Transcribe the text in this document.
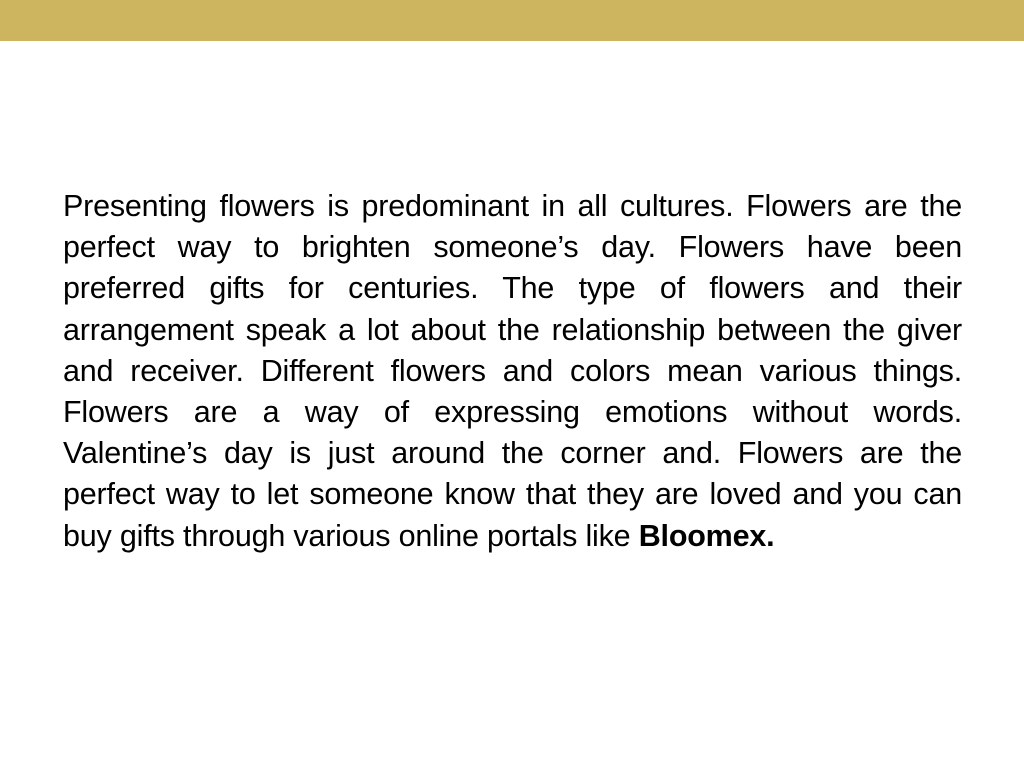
Presenting flowers is predominant in all cultures. Flowers are the perfect way to brighten someone’s day. Flowers have been preferred gifts for centuries. The type of flowers and their arrangement speak a lot about the relationship between the giver and receiver. Different flowers and colors mean various things. Flowers are a way of expressing emotions without words. Valentine’s day is just around the corner and. Flowers are the perfect way to let someone know that they are loved and you can buy gifts through various online portals like Bloomex.
